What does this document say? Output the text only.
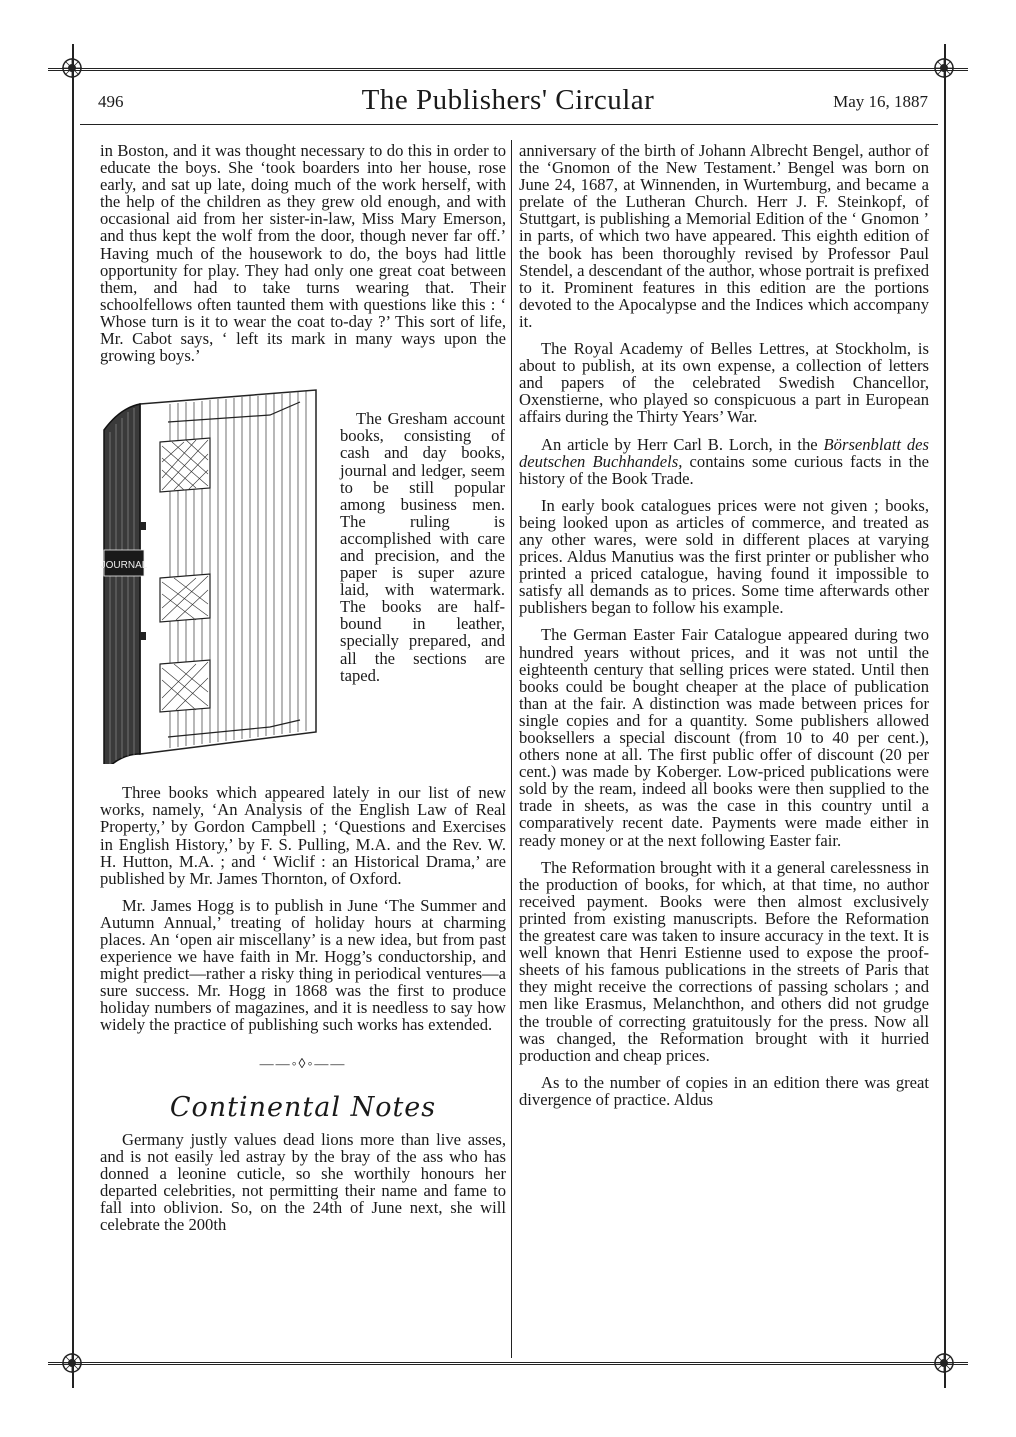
496	The Publishers' Circular	May 16, 1887

in Boston, and it was thought necessary to do this in order to educate the boys. She ‘took boarders into her house, rose early, and sat up late, doing much of the work herself, with the help of the children as they grew old enough, and with occasional aid from her sister-in-law, Miss Mary Emerson, and thus kept the wolf from the door, though never far off.’ Having much of the housework to do, the boys had little opportunity for play. They had only one great coat between them, and had to take turns wearing that. Their schoolfellows often taunted them with questions like this : ‘ Whose turn is it to wear the coat to-day ?’ This sort of life, Mr. Cabot says, ‘ left its mark in many ways upon the growing boys.’

JOURNAL
The Gresham account books, consisting of cash and day books, journal and ledger, seem to be still popular among business men. The ruling is accomplished with care and precision, and the paper is super azure laid, with watermark. The books are half-bound in leather, specially prepared, and all the sections are taped.

Three books which appeared lately in our list of new works, namely, ‘An Analysis of the English Law of Real Property,’ by Gordon Campbell ; ‘Questions and Exercises in English History,’ by F. S. Pulling, M.A. and the Rev. W. H. Hutton, M.A. ; and ‘ Wiclif : an Historical Drama,’ are published by Mr. James Thornton, of Oxford.

Mr. James Hogg is to publish in June ‘The Summer and Autumn Annual,’ treating of holiday hours at charming places. An ‘open air miscellany’ is a new idea, but from past experience we have faith in Mr. Hogg’s conductorship, and might predict—rather a risky thing in periodical ventures—a sure success. Mr. Hogg in 1868 was the first to produce holiday numbers of magazines, and it is needless to say how widely the practice of publishing such works has extended.

――◦◊◦――
Continental Notes

Germany justly values dead lions more than live asses, and is not easily led astray by the bray of the ass who has donned a leonine cuticle, so she worthily honours her departed celebrities, not permitting their name and fame to fall into oblivion. So, on the 24th of June next, she will celebrate the 200th

anniversary of the birth of Johann Albrecht Bengel, author of the ‘Gnomon of the New Testament.’ Bengel was born on June 24, 1687, at Winnenden, in Wurtemburg, and became a prelate of the Lutheran Church. Herr J. F. Steinkopf, of Stuttgart, is publishing a Memorial Edition of the ‘ Gnomon ’ in parts, of which two have appeared. This eighth edition of the book has been thoroughly revised by Professor Paul Stendel, a descendant of the author, whose portrait is prefixed to it. Prominent features in this edition are the portions devoted to the Apocalypse and the Indices which accompany it.

The Royal Academy of Belles Lettres, at Stockholm, is about to publish, at its own expense, a collection of letters and papers of the celebrated Swedish Chancellor, Oxenstierne, who played so conspicuous a part in European affairs during the Thirty Years’ War.

An article by Herr Carl B. Lorch, in the Börsenblatt des deutschen Buchhandels, contains some curious facts in the history of the Book Trade.

In early book catalogues prices were not given ; books, being looked upon as articles of commerce, and treated as any other wares, were sold in different places at varying prices. Aldus Manutius was the first printer or publisher who printed a priced catalogue, having found it impossible to satisfy all demands as to prices. Some time afterwards other publishers began to follow his example.

The German Easter Fair Catalogue appeared during two hundred years without prices, and it was not until the eighteenth century that selling prices were stated. Until then books could be bought cheaper at the place of publication than at the fair. A distinction was made between prices for single copies and for a quantity. Some publishers allowed booksellers a special discount (from 10 to 40 per cent.), others none at all. The first public offer of discount (20 per cent.) was made by Koberger. Low-priced publications were sold by the ream, indeed all books were then supplied to the trade in sheets, as was the case in this country until a comparatively recent date. Payments were made either in ready money or at the next following Easter fair.

The Reformation brought with it a general carelessness in the production of books, for which, at that time, no author received payment. Books were then almost exclusively printed from existing manuscripts. Before the Reformation the greatest care was taken to insure accuracy in the text. It is well known that Henri Estienne used to expose the proof-sheets of his famous publications in the streets of Paris that they might receive the corrections of passing scholars ; and men like Erasmus, Melanchthon, and others did not grudge the trouble of correcting gratuitously for the press. Now all was changed, the Reformation brought with it hurried production and cheap prices.

As to the number of copies in an edition there was great divergence of practice. Aldus
